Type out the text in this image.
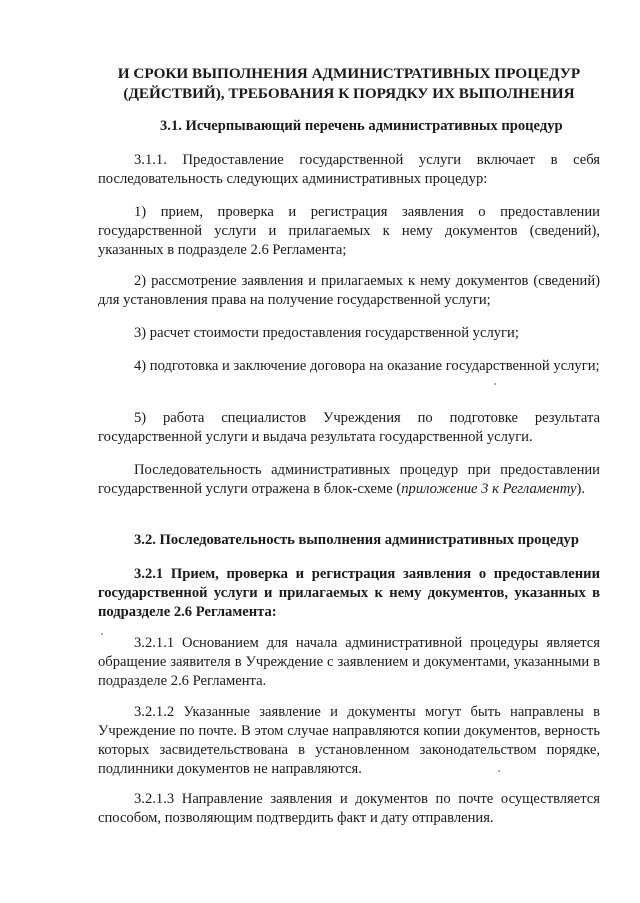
И СРОКИ ВЫПОЛНЕНИЯ АДМИНИСТРАТИВНЫХ ПРОЦЕДУР
(ДЕЙСТВИЙ), ТРЕБОВАНИЯ К ПОРЯДКУ ИХ ВЫПОЛНЕНИЯ

3.1. Исчерпывающий перечень административных процедур

3.1.1. Предоставление государственной услуги включает в себя последовательность следующих административных процедур:

1) прием, проверка и регистрация заявления о предоставлении государственной услуги и прилагаемых к нему документов (сведений), указанных в подразделе 2.6 Регламента;

2) рассмотрение заявления и прилагаемых к нему документов (сведений) для установления права на получение государственной услуги;

3) расчет стоимости предоставления государственной услуги;

4) подготовка и заключение договора на оказание государственной услуги;

5) работа специалистов Учреждения по подготовке результата государственной услуги и выдача результата государственной услуги.

Последовательность административных процедур при предоставлении государственной услуги отражена в блок-схеме (приложение 3 к Регламенту).

3.2. Последовательность выполнения административных процедур

3.2.1 Прием, проверка и регистрация заявления о предоставлении государственной услуги и прилагаемых к нему документов, указанных в подразделе 2.6 Регламента:

3.2.1.1 Основанием для начала административной процедуры является обращение заявителя в Учреждение с заявлением и документами, указанными в подразделе 2.6 Регламента.

3.2.1.2 Указанные заявление и документы могут быть направлены в Учреждение по почте. В этом случае направляются копии документов, верность которых засвидетельствована в установленном законодательством порядке, подлинники документов не направляются.

3.2.1.3 Направление заявления и документов по почте осуществляется способом, позволяющим подтвердить факт и дату отправления.
